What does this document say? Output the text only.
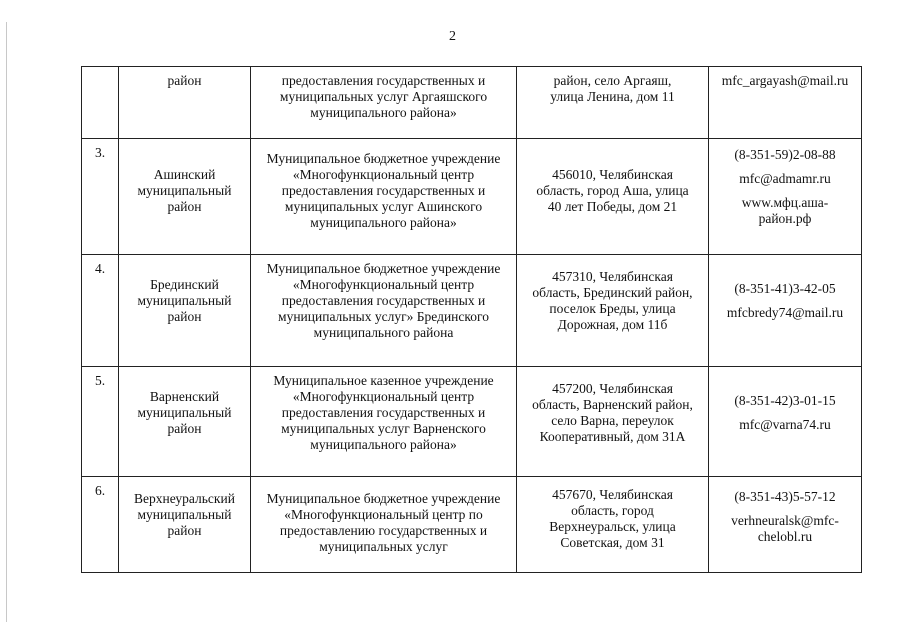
2

	район	предоставления государственных и
муниципальных услуг Аргаяшского
муниципального района»	район, село Аргаяш,
улица Ленина, дом 11	mfc_argayash@mail.ru

3.	Ашинский
муниципальный
район	Муниципальное бюджетное учреждение
«Многофункциональный центр
предоставления государственных и
муниципальных услуг Ашинского
муниципального района»	456010, Челябинская
область, город Аша, улица
40 лет Победы, дом 21	(8-351-59)2-08-88
mfc@admamr.ru
www.мфц.аша-
район.рф

4.	Брединский
муниципальный
район	Муниципальное бюджетное учреждение
«Многофункциональный центр
предоставления государственных и
муниципальных услуг» Брединского
муниципального района	457310, Челябинская
область, Брединский район,
поселок Бреды, улица
Дорожная, дом 11б	(8-351-41)3-42-05
mfcbredy74@mail.ru

5.	Варненский
муниципальный
район	Муниципальное казенное учреждение
«Многофункциональный центр
предоставления государственных и
муниципальных услуг Варненского
муниципального района»	457200, Челябинская
область, Варненский район,
село Варна, переулок
Кооперативный, дом 31А	(8-351-42)3-01-15
mfc@varna74.ru

6.	Верхнеуральский
муниципальный
район	Муниципальное бюджетное учреждение
«Многофункциональный центр по
предоставлению государственных и
муниципальных услуг	457670, Челябинская
область, город
Верхнеуральск, улица
Советская, дом 31	(8-351-43)5-57-12
verhneuralsk@mfc-
chelobl.ru
